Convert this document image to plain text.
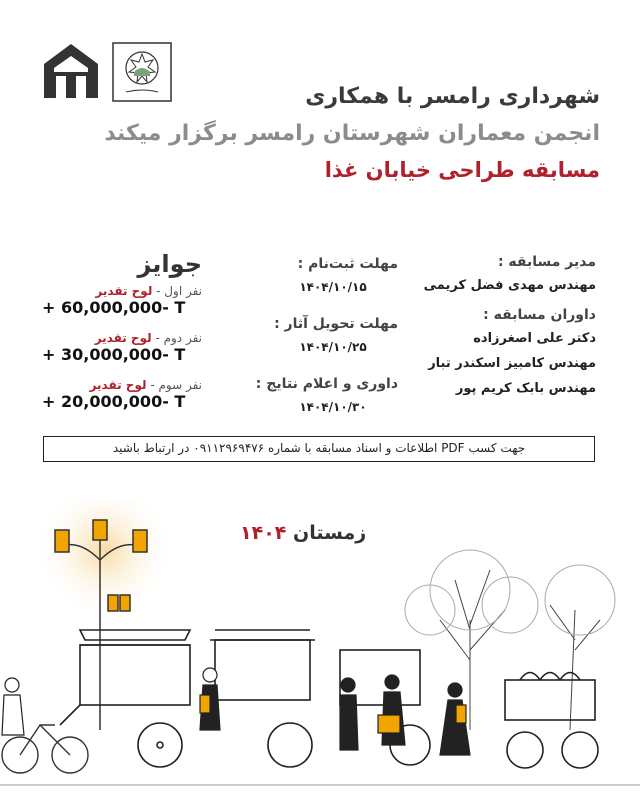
شهرداری رامسر با همکاری
انجمن معماران شهرستان رامسر برگزار میکند
مسابقه طراحی خیابان غذا
مدیر مسابقه :
مهندس مهدی فضل کریمی
داوران مسابقه :
دکتر علی اصغرزاده
مهندس کامبیز اسکندر تبار
مهندس بابک کریم پور
مهلت ثبت‌نام :
۱۴۰۴/۱۰/۱۵
مهلت تحویل آثار :
۱۴۰۴/۱۰/۲۵
داوری و اعلام نتایج :
۱۴۰۴/۱۰/۳۰
جوایز
نفر اول - لوح تقدیر
+ 60,000,000- T
نفر دوم - لوح تقدیر
+ 30,000,000- T
نفر سوم - لوح تقدیر
+ 20,000,000- T
جهت کسب PDF اطلاعات و اسناد مسابقه با شماره ۰۹۱۱۲۹۶۹۴۷۶ در ارتباط باشید
زمستان ۱۴۰۴
